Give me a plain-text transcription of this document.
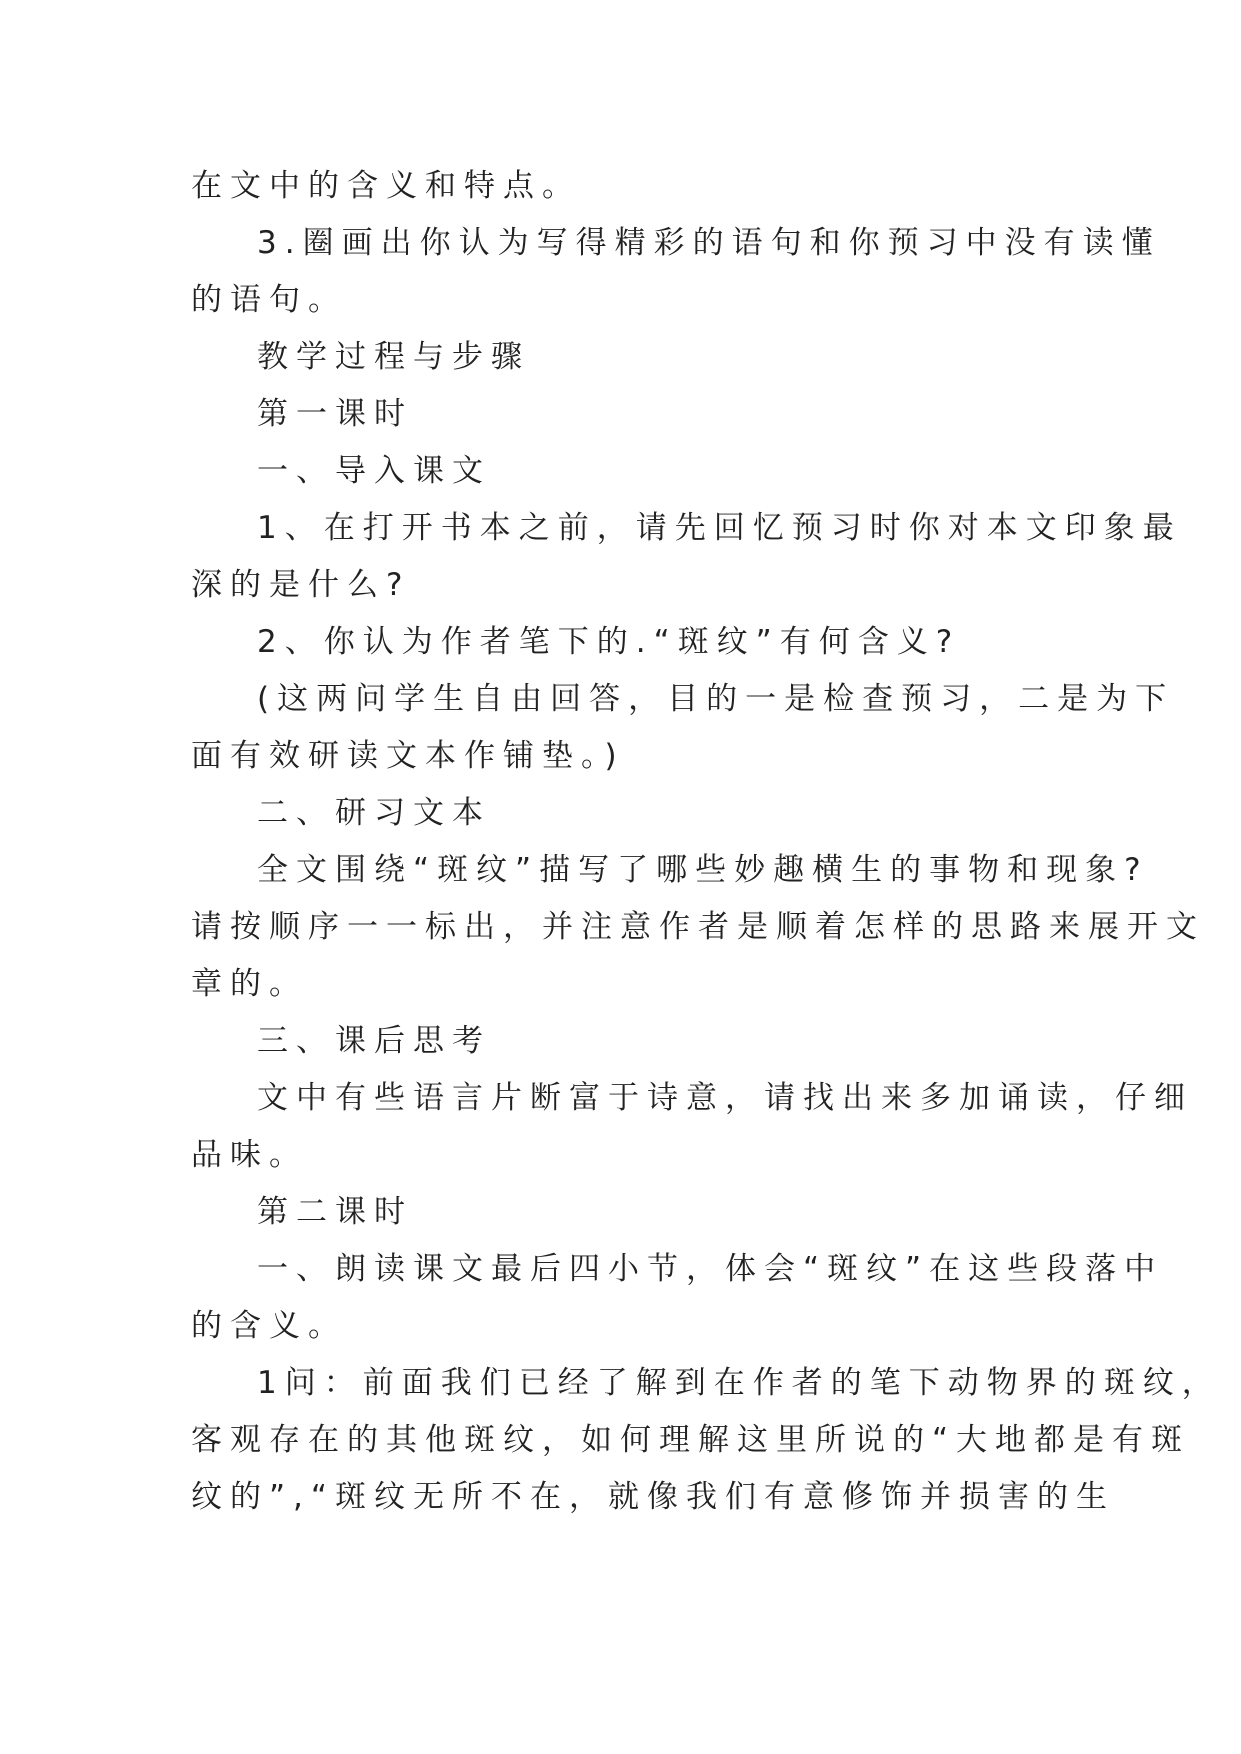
在文中的含义和特点。
3.圈画出你认为写得精彩的语句和你预习中没有读懂
的语句。
教学过程与步骤
第一课时
一、导入课文
1、在打开书本之前，请先回忆预习时你对本文印象最
深的是什么?
2、你认为作者笔下的.“斑纹”有何含义?
(这两问学生自由回答，目的一是检查预习，二是为下
面有效研读文本作铺垫。)
二、研习文本
全文围绕“斑纹”描写了哪些妙趣横生的事物和现象?
请按顺序一一标出，并注意作者是顺着怎样的思路来展开文
章的。
三、课后思考
文中有些语言片断富于诗意，请找出来多加诵读，仔细
品味。
第二课时
一、朗读课文最后四小节，体会“斑纹”在这些段落中
的含义。
1问：前面我们已经了解到在作者的笔下动物界的斑纹，
客观存在的其他斑纹，如何理解这里所说的“大地都是有斑
纹的”,“斑纹无所不在，就像我们有意修饰并损害的生
